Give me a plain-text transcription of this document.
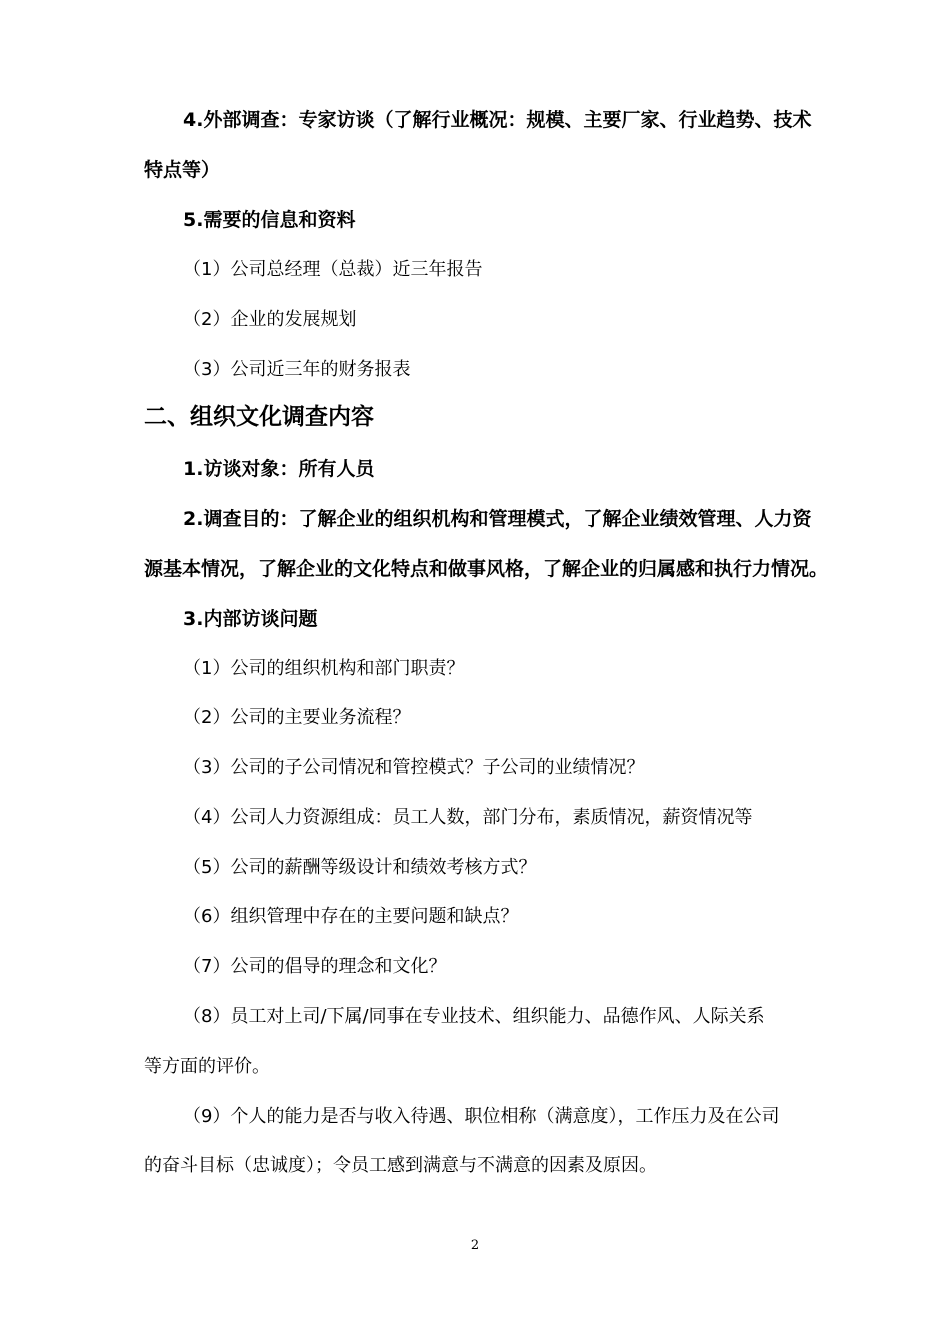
4.外部调查：专家访谈（了解行业概况：规模、主要厂家、行业趋势、技术
特点等）
5.需要的信息和资料
（1）公司总经理（总裁）近三年报告
（2）企业的发展规划
（3）公司近三年的财务报表
二、组织文化调查内容
1.访谈对象：所有人员
2.调查目的：了解企业的组织机构和管理模式，了解企业绩效管理、人力资
源基本情况，了解企业的文化特点和做事风格，了解企业的归属感和执行力情况。
3.内部访谈问题
（1）公司的组织机构和部门职责？
（2）公司的主要业务流程？
（3）公司的子公司情况和管控模式？子公司的业绩情况？
（4）公司人力资源组成：员工人数，部门分布，素质情况，薪资情况等
（5）公司的薪酬等级设计和绩效考核方式？
（6）组织管理中存在的主要问题和缺点？
（7）公司的倡导的理念和文化？
（8）员工对上司/下属/同事在专业技术、组织能力、品德作风、人际关系
等方面的评价。
（9）个人的能力是否与收入待遇、职位相称（满意度），工作压力及在公司
的奋斗目标（忠诚度）；令员工感到满意与不满意的因素及原因。
2
